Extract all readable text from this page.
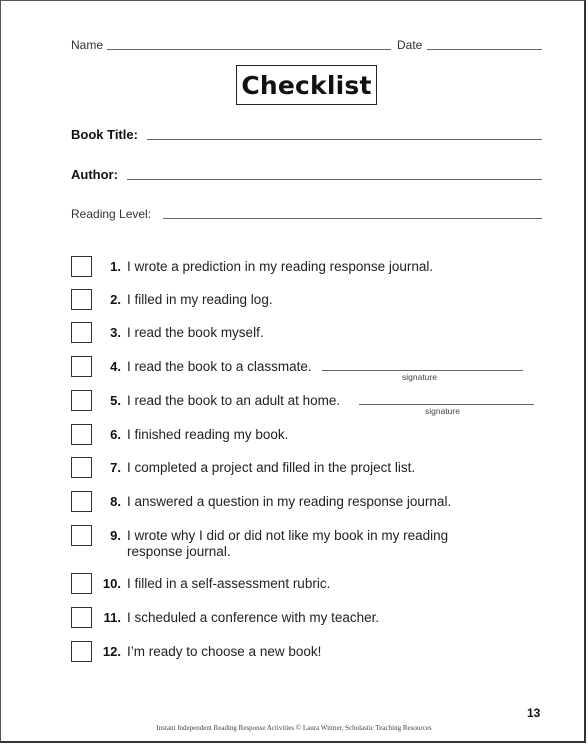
Name	Date
Checklist
Book Title:
Author:
Reading Level:
1. I wrote a prediction in my reading response journal.
2. I filled in my reading log.
3. I read the book myself.
4. I read the book to a classmate.
signature
5. I read the book to an adult at home.
signature
6. I finished reading my book.
7. I completed a project and filled in the project list.
8. I answered a question in my reading response journal.
9. I wrote why I did or did not like my book in my reading response journal.
10. I filled in a self-assessment rubric.
11. I scheduled a conference with my teacher.
12. I’m ready to choose a new book!
13
Instant Independent Reading Response Activities © Laura Witmer, Scholastic Teaching Resources
